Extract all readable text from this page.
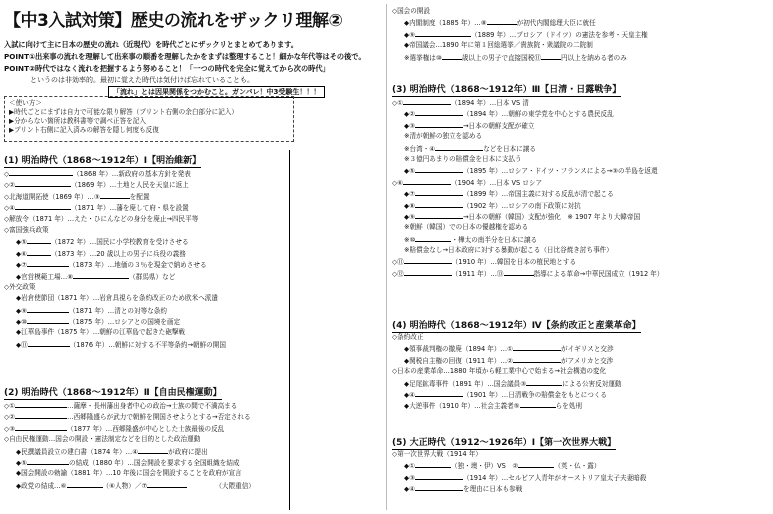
【中3入試対策】歴史の流れをザックリ理解②
入試に向けて主に日本の歴史の流れ（近現代）を時代ごとにザックリとまとめてあります。
POINT①出来事の流れを理解して出来事の順番を理解したかをまずは整理すること！細かな年代等はその後で。
POINT②時代ではなく流れを把握するよう努めること！「一つの時代を完全に覚えてから次の時代」
というのは非効率的。最初に覚えた時代は気付けば忘れていることも。
「流れ」とは因果関係をつかむこと。ガンバレ！中3受験生！！！
＜使い方＞
▶時代ごとにまずは自力で可能な限り解答（プリント右側の余白部分に記入）
▶分からない箇所は教科書等で調べ正答を記入
▶プリント右側に記入済みの解答を隠し何度も反復
(1) 明治時代（1868～1912年）Ⅰ【明治維新】
◇	（1868 年）…新政府の基本方針を発表
◇②	（1869 年）…土地と人民を天皇に返上
◇北海道開拓使（1869 年）…③	を配置
◇④	（1871 年）…藩を廃して府・県を設置
◇解放令（1871 年）…えた・ひにんなどの身分を廃止→四民平等
◇富国強兵政策
◆⑤	（1872 年）…国民に小学校教育を受けさせる
◆⑥	（1873 年）…20 歳以上の男子に兵役の義務
◆⑦	（1873 年）…地価の３％を現金で納めさせる
◆官営模範工場…⑧	（群馬県）など
◇外交政策
◆岩倉使節団（1871 年）…岩倉具視らを条約改正のため欧米へ派遣
◆⑨	（1871 年）…清との対等な条約
◆⑩	（1875 年）…ロシアとの国境を画定
◆江華島事件（1875 年）…朝鮮の江華島で起きた砲撃戦
◆⑪	（1876 年）…朝鮮に対する不平等条約→朝鮮の開国
(2) 明治時代（1868～1912年）Ⅱ【自由民権運動】
◇①	…薩摩・長州藩出身者中心の政治→士族の間で不満高まる
◇②	…西郷隆盛らが武力で朝鮮を開国させようとする→否定される
◇③	（1877 年）…西郷隆盛が中心とした士族最後の反乱
◇自由民権運動…国会の開設・憲法制定などを目的とした政治運動
◆民撰議員設立の建白書（1874 年）…④	が政府に提出
◆⑤	の結成（1880 年）…国会開設を要求する全国組織を結成
◆国会開設の勅諭（1881 年）…10 年後に国会を開設することを政府が宣言
◆政党の結成…⑥	（⑥人物）／⑦	（大隈重信）
◇国会の開設
◆内閣制度（1885 年）…⑧	が初代内閣総理大臣に就任
◆⑨	（1889 年）…プロシア（ドイツ）の憲法を参考・天皇主権
◆帝国議会…1890 年に第１回総選挙／貴族院・衆議院の二院制
※選挙権は⑩	歳以上の男子で直接国税⑪	円以上を納める者のみ
(3) 明治時代（1868～1912年）Ⅲ【日清・日露戦争】
◇①	（1894 年）…日本 VS 清
◆②	（1894 年）…朝鮮の東学党を中心とする農民反乱
◆③	→日本の朝鮮支配が確立
※清が朝鮮の独立を認める
※台湾・④	などを日本に譲る
※３億円あまりの賠償金を日本に支払う
◆⑤	（1895 年）…ロシア・ドイツ・フランスによる→③の半島を返還
◇⑥	（1904 年）…日本 VS ロシア
◆⑦	（1899 年）…帝国主義に対する反乱が清で起こる
◆⑧	（1902 年）…ロシアの南下政策に対抗
◆⑨	→日本の朝鮮（韓国）支配が強化　※ 1907 年より大韓帝国
※朝鮮（韓国）での日本の優越権を認める
※⑩	・樺太の南半分を日本に譲る
※賠償金なし→日本政府に対する暴動が起こる（日比谷焼き討ち事件）
◇⑪	（1910 年）…韓国を日本の植民地とする
◇⑫	（1911 年）…⑬	指導による革命→中華民国成立（1912 年）
(4) 明治時代（1868～1912年）Ⅳ【条約改正と産業革命】
◇条約改正
◆領事裁判権の撤廃（1894 年）…①	がイギリスと交渉
◆関税自主権の回復（1911 年）…②	がアメリカと交渉
◇日本の産業革命…1880 年頃から軽工業中心で始まる→社会構造の変化
◆足尾鉱毒事件（1891 年）…国会議員③	による公害反対運動
◆④	（1901 年）…日清戦争の賠償金をもとにつくる
◆大逆事件（1910 年）…社会主義者⑤	らを処刑
(5) 大正時代（1912～1926年）Ⅰ【第一次世界大戦】
◇第一次世界大戦（1914 年）
◆①	（独・墺・伊）VS　②	（英・仏・露）
◆③	（1914 年）…セルビア人青年がオーストリア皇太子夫妻暗殺
◆④	を理由に日本も参戦
